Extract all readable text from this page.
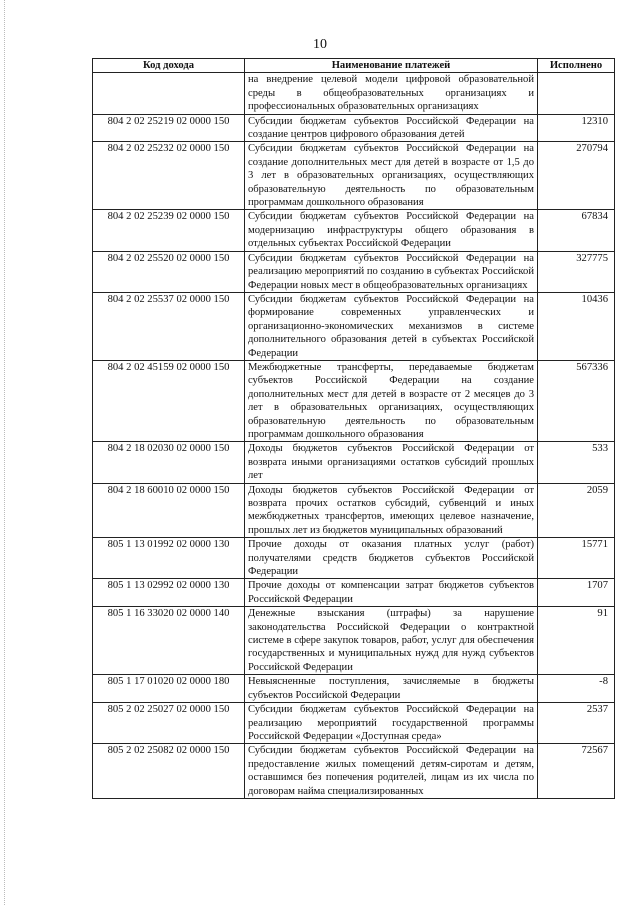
10
Код дохода	Наименование платежей	Исполнено
	на внедрение целевой модели цифровой образовательной среды в общеобразовательных организациях и профессиональных образовательных организациях	
804 2 02 25219 02 0000 150	Субсидии бюджетам субъектов Российской Федерации на создание центров цифрового образования детей	12310
804 2 02 25232 02 0000 150	Субсидии бюджетам субъектов Российской Федерации на создание дополнительных мест для детей в возрасте от 1,5 до 3 лет в образовательных организациях, осуществляющих образовательную деятельность по образовательным программам дошкольного образования	270794
804 2 02 25239 02 0000 150	Субсидии бюджетам субъектов Российской Федерации на модернизацию инфраструктуры общего образования в отдельных субъектах Российской Федерации	67834
804 2 02 25520 02 0000 150	Субсидии бюджетам субъектов Российской Федерации на реализацию мероприятий по созданию в субъектах Российской Федерации новых мест в общеобразовательных организациях	327775
804 2 02 25537 02 0000 150	Субсидии бюджетам субъектов Российской Федерации на формирование современных управленческих и организационно-экономических механизмов в системе дополнительного образования детей в субъектах Российской Федерации	10436
804 2 02 45159 02 0000 150	Межбюджетные трансферты, передаваемые бюджетам субъектов Российской Федерации на создание дополнительных мест для детей в возрасте от 2 месяцев до 3 лет в образовательных организациях, осуществляющих образовательную деятельность по образовательным программам дошкольного образования	567336
804 2 18 02030 02 0000 150	Доходы бюджетов субъектов Российской Федерации от возврата иными организациями остатков субсидий прошлых лет	533
804 2 18 60010 02 0000 150	Доходы бюджетов субъектов Российской Федерации от возврата прочих остатков субсидий, субвенций и иных межбюджетных трансфертов, имеющих целевое назначение, прошлых лет из бюджетов муниципальных образований	2059
805 1 13 01992 02 0000 130	Прочие доходы от оказания платных услуг (работ) получателями средств бюджетов субъектов Российской Федерации	15771
805 1 13 02992 02 0000 130	Прочие доходы от компенсации затрат бюджетов субъектов Российской Федерации	1707
805 1 16 33020 02 0000 140	Денежные взыскания (штрафы) за нарушение законодательства Российской Федерации о контрактной системе в сфере закупок товаров, работ, услуг для обеспечения государственных и муниципальных нужд для нужд субъектов Российской Федерации	91
805 1 17 01020 02 0000 180	Невыясненные поступления, зачисляемые в бюджеты субъектов Российской Федерации	-8
805 2 02 25027 02 0000 150	Субсидии бюджетам субъектов Российской Федерации на реализацию мероприятий государственной программы Российской Федерации «Доступная среда»	2537
805 2 02 25082 02 0000 150	Субсидии бюджетам субъектов Российской Федерации на предоставление жилых помещений детям-сиротам и детям, оставшимся без попечения родителей, лицам из их числа по договорам найма специализированных	72567
